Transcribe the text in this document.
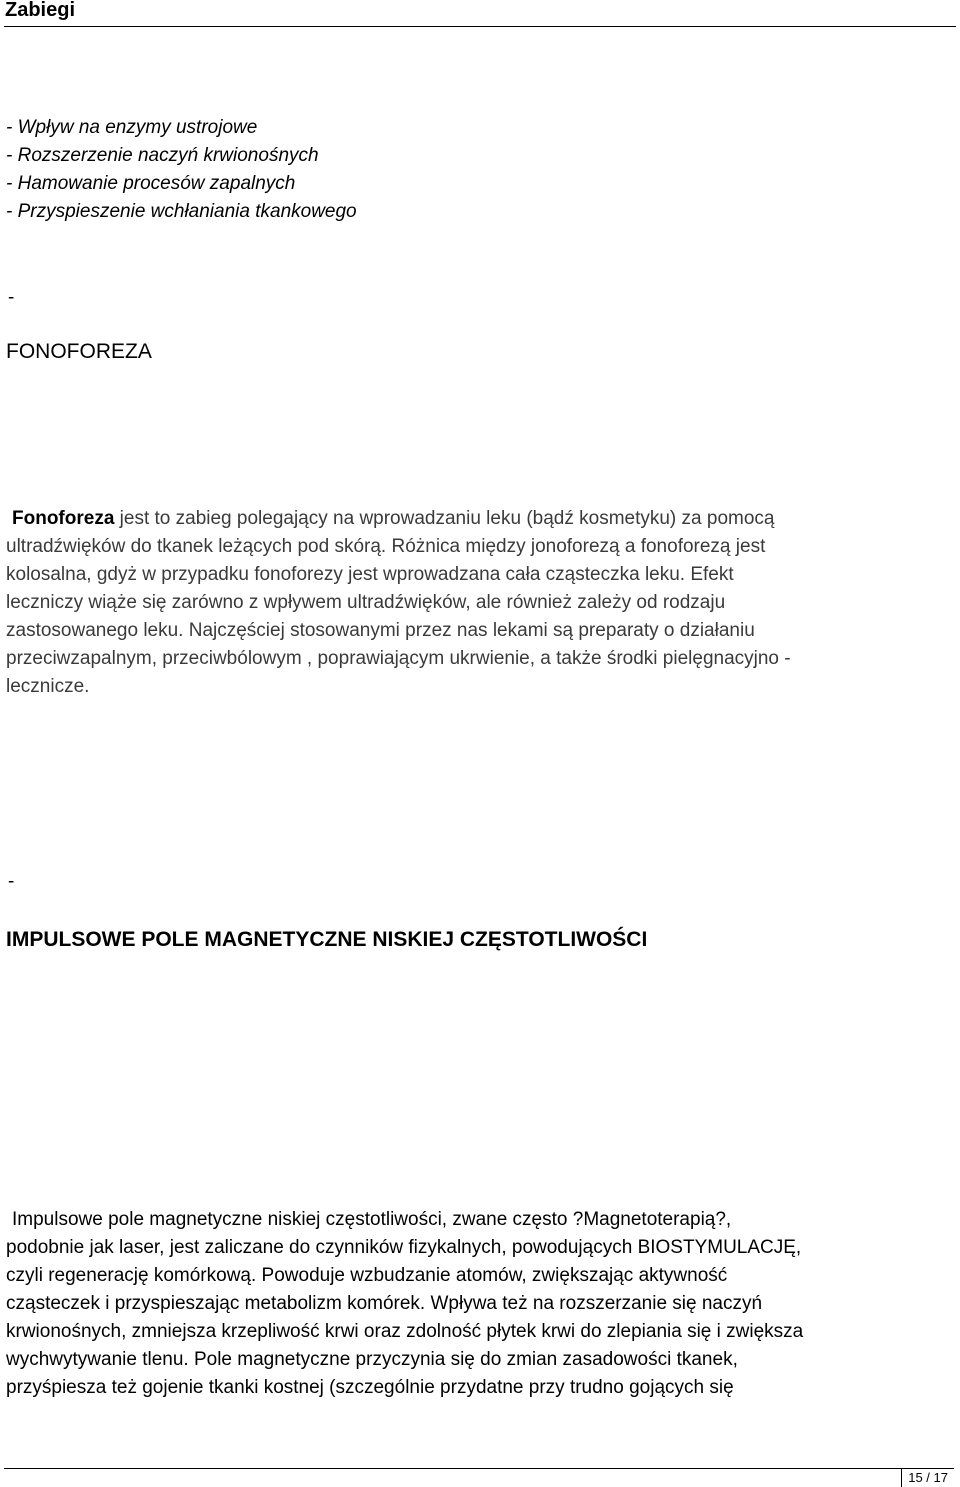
Zabiegi
- Wpływ na enzymy ustrojowe
- Rozszerzenie naczyń krwionośnych
- Hamowanie procesów zapalnych
- Przyspieszenie wchłaniania tkankowego
-
FONOFOREZA
Fonoforeza jest to zabieg polegający na wprowadzaniu leku (bądź kosmetyku) za pomocą
ultradźwięków do tkanek leżących pod skórą. Różnica między jonoforezą a fonoforezą jest
kolosalna, gdyż w przypadku fonoforezy jest wprowadzana cała cząsteczka leku. Efekt
leczniczy wiąże się zarówno z wpływem ultradźwięków, ale również zależy od rodzaju
zastosowanego leku. Najczęściej stosowanymi przez nas lekami są preparaty o działaniu
przeciwzapalnym, przeciwbólowym , poprawiającym ukrwienie, a także środki pielęgnacyjno -
lecznicze.
-
IMPULSOWE POLE MAGNETYCZNE NISKIEJ CZĘSTOTLIWOŚCI
Impulsowe pole magnetyczne niskiej częstotliwości, zwane często ?Magnetoterapią?,
podobnie jak laser, jest zaliczane do czynników fizykalnych, powodujących BIOSTYMULACJĘ,
czyli regenerację komórkową. Powoduje wzbudzanie atomów, zwiększając aktywność
cząsteczek i przyspieszając metabolizm komórek. Wpływa też na rozszerzanie się naczyń
krwionośnych, zmniejsza krzepliwość krwi oraz zdolność płytek krwi do zlepiania się i zwiększa
wychwytywanie tlenu. Pole magnetyczne przyczynia się do zmian zasadowości tkanek,
przyśpiesza też gojenie tkanki kostnej (szczególnie przydatne przy trudno gojących się
15 / 17
